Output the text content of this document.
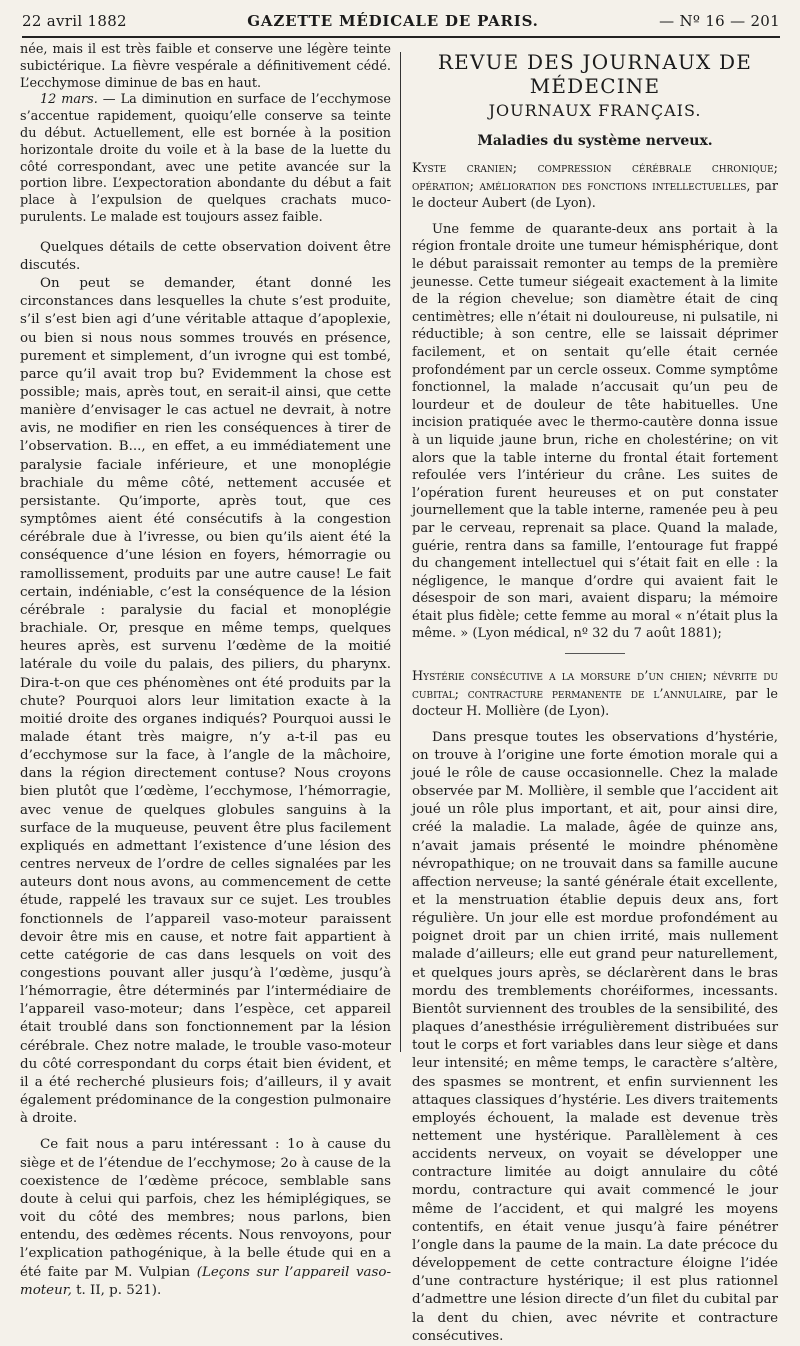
22 avril 1882	GAZETTE MÉDICALE DE PARIS.	— Nº 16 — 201

née, mais il est très faible et conserve une légère teinte subictérique. La fièvre vespérale a définitivement cédé. L’ecchymose diminue de bas en haut.

12 mars. — La diminution en surface de l’ecchymose s’accentue rapidement, quoiqu’elle conserve sa teinte du début. Actuellement, elle est bornée à la position horizontale droite du voile et à la base de la luette du côté correspondant, avec une petite avancée sur la portion libre. L’expectoration abondante du début a fait place à l’expulsion de quelques crachats muco-purulents. Le malade est toujours assez faible.

Quelques détails de cette observation doivent être discutés.

On peut se demander, étant donné les circonstances dans lesquelles la chute s’est produite, s’il s’est bien agi d’une véritable attaque d’apoplexie, ou bien si nous nous sommes trouvés en présence, purement et simplement, d’un ivrogne qui est tombé, parce qu’il avait trop bu? Evidemment la chose est possible; mais, après tout, en serait-il ainsi, que cette manière d’envisager le cas actuel ne devrait, à notre avis, ne modifier en rien les conséquences à tirer de l’observation. B..., en effet, a eu immédiatement une paralysie faciale inférieure, et une monoplégie brachiale du même côté, nettement accusée et persistante. Qu’importe, après tout, que ces symptômes aient été consécutifs à la congestion cérébrale due à l’ivresse, ou bien qu’ils aient été la conséquence d’une lésion en foyers, hémorragie ou ramollissement, produits par une autre cause! Le fait certain, indéniable, c’est la conséquence de la lésion cérébrale : paralysie du facial et monoplégie brachiale. Or, presque en même temps, quelques heures après, est survenu l’œdème de la moitié latérale du voile du palais, des piliers, du pharynx. Dira-t-on que ces phénomènes ont été produits par la chute? Pourquoi alors leur limitation exacte à la moitié droite des organes indiqués? Pourquoi aussi le malade étant très maigre, n’y a-t-il pas eu d’ecchymose sur la face, à l’angle de la mâchoire, dans la région directement contuse? Nous croyons bien plutôt que l’œdème, l’ecchymose, l’hémorragie, avec venue de quelques globules sanguins à la surface de la muqueuse, peuvent être plus facilement expliqués en admettant l’existence d’une lésion des centres nerveux de l’ordre de celles signalées par les auteurs dont nous avons, au commencement de cette étude, rappelé les travaux sur ce sujet. Les troubles fonctionnels de l’appareil vaso-moteur paraissent devoir être mis en cause, et notre fait appartient à cette catégorie de cas dans lesquels on voit des congestions pouvant aller jusqu’à l’œdème, jusqu’à l’hémorragie, être déterminés par l’intermédiaire de l’appareil vaso-moteur; dans l’espèce, cet appareil était troublé dans son fonctionnement par la lésion cérébrale. Chez notre malade, le trouble vaso-moteur du côté correspondant du corps était bien évident, et il a été recherché plusieurs fois; d’ailleurs, il y avait également prédominance de la congestion pulmonaire à droite.

Ce fait nous a paru intéressant : 1o à cause du siège et de l’étendue de l’ecchymose; 2o à cause de la coexistence de l’œdème précoce, semblable sans doute à celui qui parfois, chez les hémiplégiques, se voit du côté des membres; nous parlons, bien entendu, des œdèmes récents. Nous renvoyons, pour l’explication pathogénique, à la belle étude qui en a été faite par M. Vulpian (Leçons sur l’appareil vaso-moteur, t. II, p. 521).

REVUE DES JOURNAUX DE MÉDECINE
JOURNAUX FRANÇAIS.
Maladies du système nerveux.

Kyste cranien; compression cérébrale chronique; opération; amélioration des fonctions intellectuelles, par le docteur Aubert (de Lyon).

Une femme de quarante-deux ans portait à la région frontale droite une tumeur hémisphérique, dont le début paraissait remonter au temps de la première jeunesse. Cette tumeur siégeait exactement à la limite de la région chevelue; son diamètre était de cinq centimètres; elle n’était ni douloureuse, ni pulsatile, ni réductible; à son centre, elle se laissait déprimer facilement, et on sentait qu’elle était cernée profondément par un cercle osseux. Comme symptôme fonctionnel, la malade n’accusait qu’un peu de lourdeur et de douleur de tête habituelles. Une incision pratiquée avec le thermo-cautère donna issue à un liquide jaune brun, riche en cholestérine; on vit alors que la table interne du frontal était fortement refoulée vers l’intérieur du crâne. Les suites de l’opération furent heureuses et on put constater journellement que la table interne, ramenée peu à peu par le cerveau, reprenait sa place. Quand la malade, guérie, rentra dans sa famille, l’entourage fut frappé du changement intellectuel qui s’était fait en elle : la négligence, le manque d’ordre qui avaient fait le désespoir de son mari, avaient disparu; la mémoire était plus fidèle; cette femme au moral « n’était plus la même. » (Lyon médical, nº 32 du 7 août 1881);

Hystérie consécutive a la morsure d’un chien; névrite du cubital; contracture permanente de l’annulaire, par le docteur H. Mollière (de Lyon).

Dans presque toutes les observations d’hystérie, on trouve à l’origine une forte émotion morale qui a joué le rôle de cause occasionnelle. Chez la malade observée par M. Mollière, il semble que l’accident ait joué un rôle plus important, et ait, pour ainsi dire, créé la maladie. La malade, âgée de quinze ans, n’avait jamais présenté le moindre phénomène névropathique; on ne trouvait dans sa famille aucune affection nerveuse; la santé générale était excellente, et la menstruation établie depuis deux ans, fort régulière. Un jour elle est mordue profondément au poignet droit par un chien irrité, mais nullement malade d’ailleurs; elle eut grand peur naturellement, et quelques jours après, se déclarèrent dans le bras mordu des tremblements choréiformes, incessants. Bientôt surviennent des troubles de la sensibilité, des plaques d’anesthésie irrégulièrement distribuées sur tout le corps et fort variables dans leur siège et dans leur intensité; en même temps, le caractère s’altère, des spasmes se montrent, et enfin surviennent les attaques classiques d’hystérie. Les divers traitements employés échouent, la malade est devenue très nettement une hystérique. Parallèlement à ces accidents nerveux, on voyait se développer une contracture limitée au doigt annulaire du côté mordu, contracture qui avait commencé le jour même de l’accident, et qui malgré les moyens contentifs, en était venue jusqu’à faire pénétrer l’ongle dans la paume de la main. La date précoce du développement de cette contracture éloigne l’idée d’une contracture hystérique; il est plus rationnel d’admettre une lésion directe d’un filet du cubital par la dent du chien, avec névrite et contracture consécutives.
